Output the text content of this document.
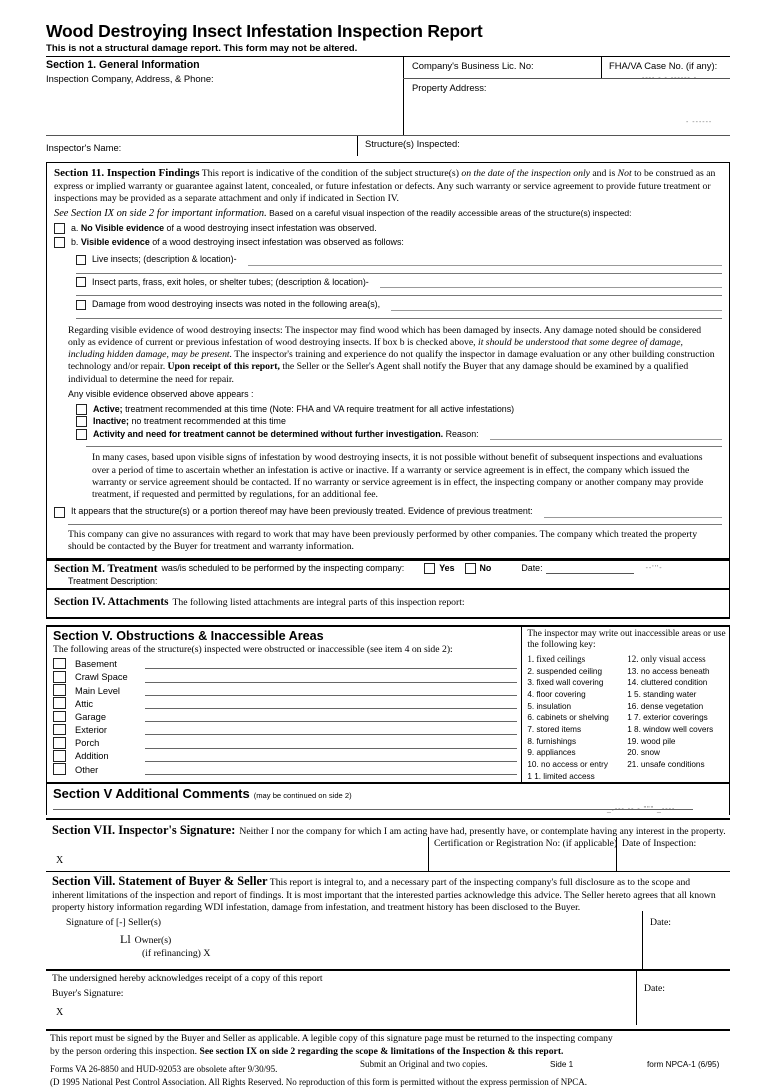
Wood Destroying Insect Infestation Inspection Report
This is not a structural damage report. This form may not be altered.
Section 1. General Information
Inspection Company, Address, & Phone:
Company's Business Lic. No:	FHA/VA Case No. (if any):
Property Address:
---- - - ------ -
- ------
Inspector's Name:	Structure(s) Inspected:

Section 11. Inspection Findings This report is indicative of the condition of the subject structure(s) on the date of the inspection only and is Not to be construed as an express or implied warranty or guarantee against latent, concealed, or future infestation or defects. Any such warranty or service agreement to provide future treatment or inspections may be provided as a separate attachment and only if indicated in Section IV.

See Section IX on side 2 for important information. Based on a careful visual inspection of the readily accessible areas of the structure(s) inspected:

a. No Visible evidence of a wood destroying insect infestation was observed.
b. Visible evidence of a wood destroying insect infestation was observed as follows:
Live insects; (description & location)-
Insect parts, frass, exit holes, or shelter tubes; (description & location)-
Damage from wood destroying insects was noted in the following area(s),

Regarding visible evidence of wood destroying insects: The inspector may find wood which has been damaged by insects. Any damage noted should be considered only as evidence of current or previous infestation of wood destroying insects. If box b is checked above, it should be understood that some degree of damage, including hidden damage, may be present. The inspector's training and experience do not qualify the inspector in damage evaluation or any other building construction technology and/or repair. Upon receipt of this report, the Seller or the Seller's Agent shall notify the Buyer that any damage should be examined by a qualified individual to determine the need for repair.

Any visible evidence observed above appears :

Active; treatment recommended at this time (Note: FHA and VA require treatment for all active infestations)
Inactive; no treatment recommended at this time
Activity and need for treatment cannot be determined without further investigation. Reason:

In many cases, based upon visible signs of infestation by wood destroying insects, it is not possible without benefit of subsequent inspections and evaluations over a period of time to ascertain whether an infestation is active or inactive. If a warranty or service agreement is in effect, the company which issued the warranty or service agreement should be contacted. If no warranty or service agreement is in effect, the inspecting company or another company may provide treatment, if requested and permitted by regulations, for an additional fee.

It appears that the structure(s) or a portion thereof may have been previously treated. Evidence of previous treatment:

This company can give no assurances with regard to work that may have been previously performed by other companies. The company which treated the property should be contacted by the Buyer for treatment and warranty information.

Section M. Treatment was/is scheduled to be performed by the inspecting company:	Yes	No	Date:	--'''-
Treatment Description:
Section IV. Attachments The following listed attachments are integral parts of this inspection report:
Section V. Obstructions & Inaccessible Areas
The following areas of the structure(s) inspected were obstructed or inaccessible (see item 4 on side 2):
Basement
Crawl Space
Main Level
Attic
Garage
Exterior
Porch
Addition
Other
The inspector may write out inaccessible areas or use the following key:
1. fixed ceilings
2. suspended ceiling
3. fixed wall covering
4. floor covering
5. insulation
6. cabinets or shelving
7. stored items
8. furnishings
9. appliances
10. no access or entry
1 1. limited access
12. only visual access
13. no access beneath
14. cluttered condition
1 5. standing water
16. dense vegetation
1 7. exterior coverings
1 8. window well covers
19. wood pile
20. snow
21. unsafe conditions
Section V Additional Comments (may be continued on side 2)
_.--- -- - """ _----
Section VII. Inspector's Signature: Neither I nor the company for which I am acting have had, presently have, or contemplate having any interest in the property.
Certification or Registration No: (if applicable) Date of Inspection:
X

Section Vill. Statement of Buyer & Seller This report is integral to, and a necessary part of the inspecting company's full disclosure as to the scope and inherent limitations of the inspection and report of findings. It is most important that the interested parties acknowledge this advice. The Seller hereto agrees that all known property history information regarding WDI infestation, damage from infestation, and treatment history has been disclosed to the Buyer.

Signature of [-] Seller(s)
Ll Owner(s)
(if refinancing) X
Date:
The undersigned hereby acknowledges receipt of a copy of this report
Buyer's Signature:
X
Date:
This report must be signed by the Buyer and Seller as applicable. A legible copy of this signature page must be returned to the inspecting company
by the person ordering this inspection. See section IX on side 2 regarding the scope & limitations of the Inspection & this report.
Forms VA 26-8850 and HUD-92053 are obsolete after 9/30/95.	Submit an Original and two copies.	Side 1	form NPCA-1 (6/95)
(D 1995 National Pest Control Association. All Rights Reserved. No reproduction of this form is permitted without the express permission of NPCA.
